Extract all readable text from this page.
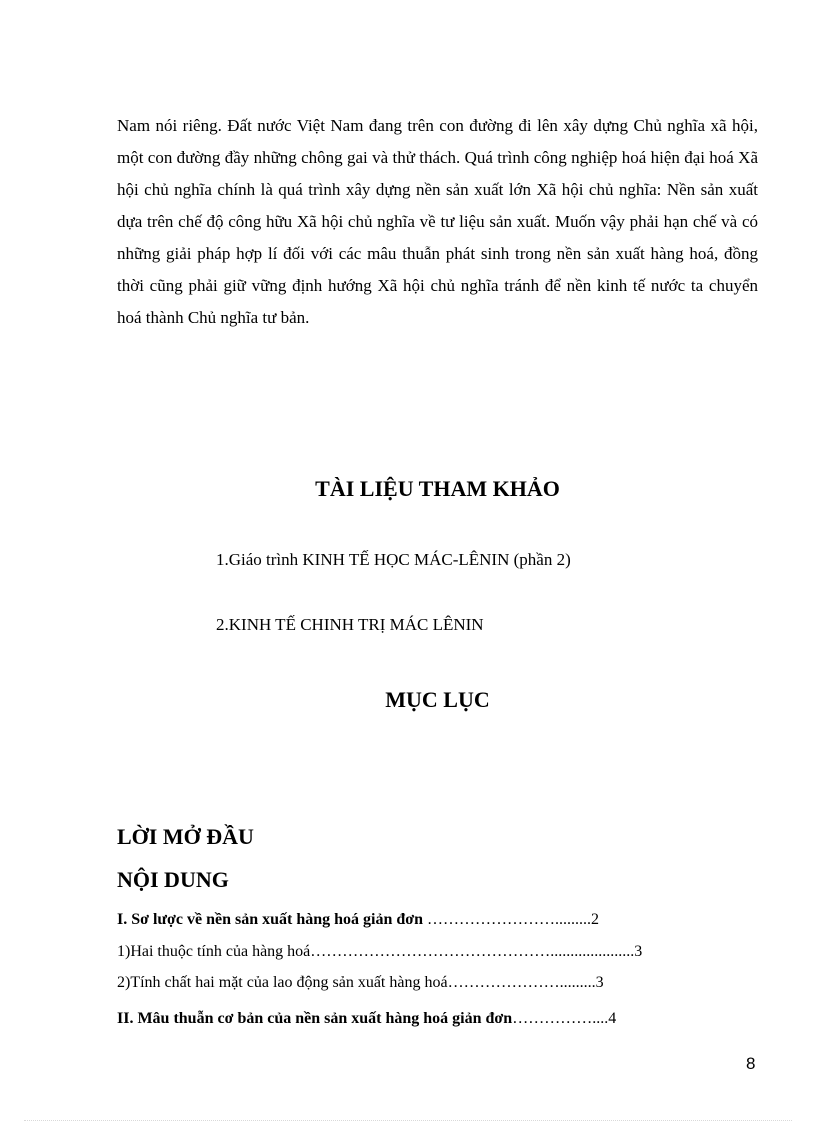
Nam nói riêng. Đất nước Việt Nam đang trên con đường đi lên xây dựng Chủ nghĩa xã hội, một con đường đầy những chông gai và thử thách. Quá trình công nghiệp hoá hiện đại hoá Xã hội chủ nghĩa chính là quá trình xây dựng nền sản xuất lớn Xã hội chủ nghĩa: Nền sản xuất dựa trên chế độ công hữu Xã hội chủ nghĩa về tư liệu sản xuất. Muốn vậy phải hạn chế và có những giải pháp hợp lí đối với các mâu thuẫn phát sinh trong nền sản xuất hàng hoá, đồng thời cũng phải giữ vững định hướng Xã hội chủ nghĩa tránh để nền kinh tế nước ta chuyển hoá thành Chủ nghĩa tư bản.

TÀI LIỆU THAM KHẢO

1.Giáo trình KINH TẾ HỌC MÁC-LÊNIN (phần 2)

2.KINH TẾ CHINH TRỊ MÁC LÊNIN

MỤC LỤC
LỜI MỞ ĐẦU
NỘI DUNG

I. Sơ lược về nền sản xuất hàng hoá giản đơn …………………….........2

1)Hai thuộc tính của hàng hoá……………………………………….....................3

2)Tính chất hai mặt của lao động sản xuất hàng hoá………………….........3

II. Mâu thuẫn cơ bản của nền sản xuất hàng hoá giản đơn……………....4

8
